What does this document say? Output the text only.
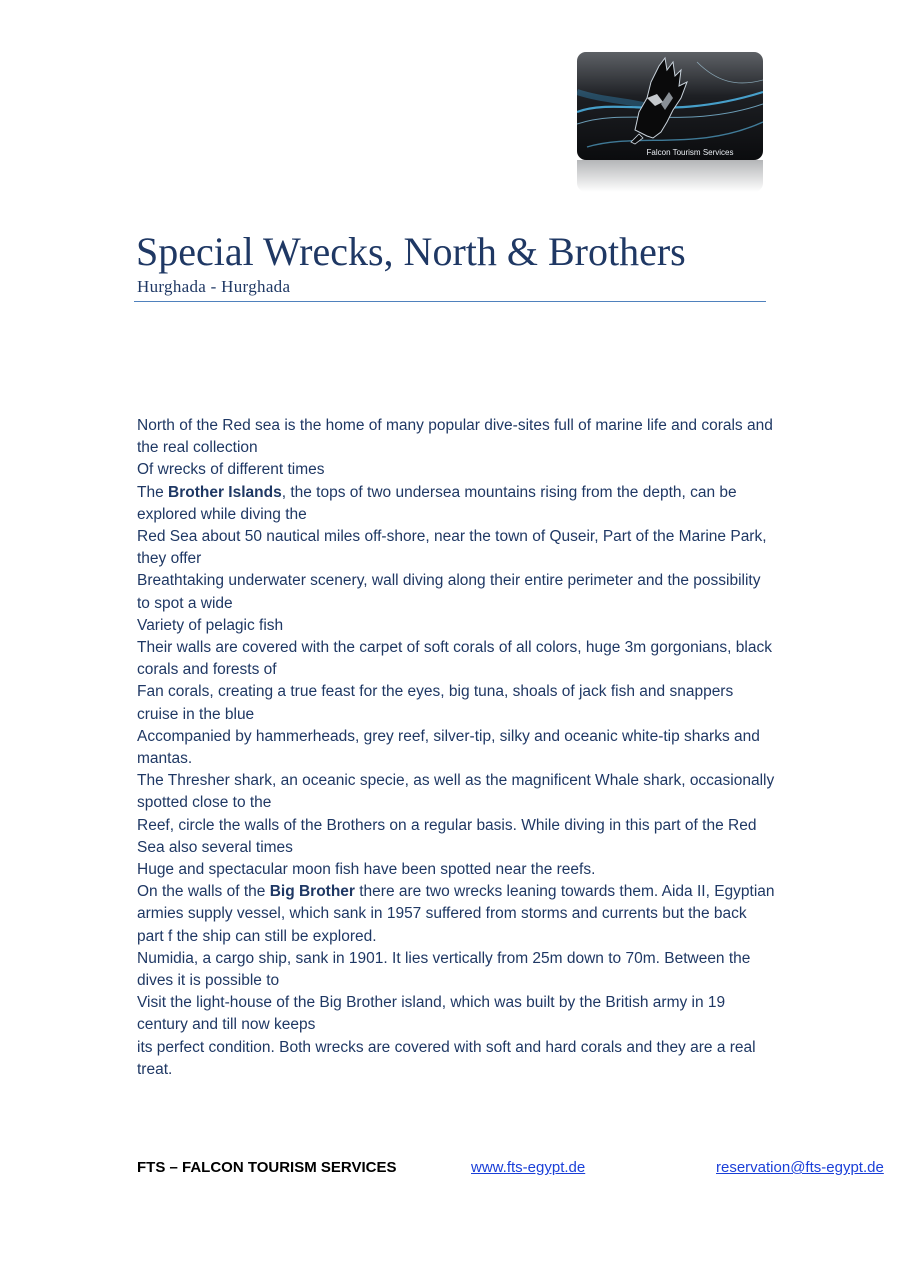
Falcon Tourism Services
Special Wrecks, North & Brothers
Hurghada - Hurghada

North of the Red sea is the home of many popular dive-sites full of marine life and corals and the real collection

Of wrecks of different times

The Brother Islands, the tops of two undersea mountains rising from the depth, can be explored while diving the

Red Sea about 50 nautical miles off-shore, near the town of Quseir, Part of the Marine Park, they offer

Breathtaking underwater scenery, wall diving along their entire perimeter and the possibility to spot a wide

Variety of pelagic fish

Their walls are covered with the carpet of soft corals of all colors, huge 3m gorgonians, black corals and forests of

Fan corals, creating a true feast for the eyes, big tuna, shoals of jack fish and snappers cruise in the blue

Accompanied by hammerheads, grey reef, silver-tip, silky and oceanic white-tip sharks and mantas.

The Thresher shark, an oceanic specie, as well as the magnificent Whale shark, occasionally spotted close to the

Reef, circle the walls of the Brothers on a regular basis. While diving in this part of the Red Sea also several times

Huge and spectacular moon fish have been spotted near the reefs.

On the walls of the Big Brother there are two wrecks leaning towards them. Aida II, Egyptian armies supply vessel, which sank in 1957 suffered from storms and currents but the back part f the ship can still be explored.

Numidia, a cargo ship, sank in 1901. It lies vertically from 25m down to 70m. Between the dives it is possible to

Visit the light-house of the Big Brother island, which was built by the British army in 19 century and till now keeps

its perfect condition. Both wrecks are covered with soft and hard corals and they are a real treat.

FTS – FALCON TOURISM SERVICES	www.fts-egypt.de	reservation@fts-egypt.de
